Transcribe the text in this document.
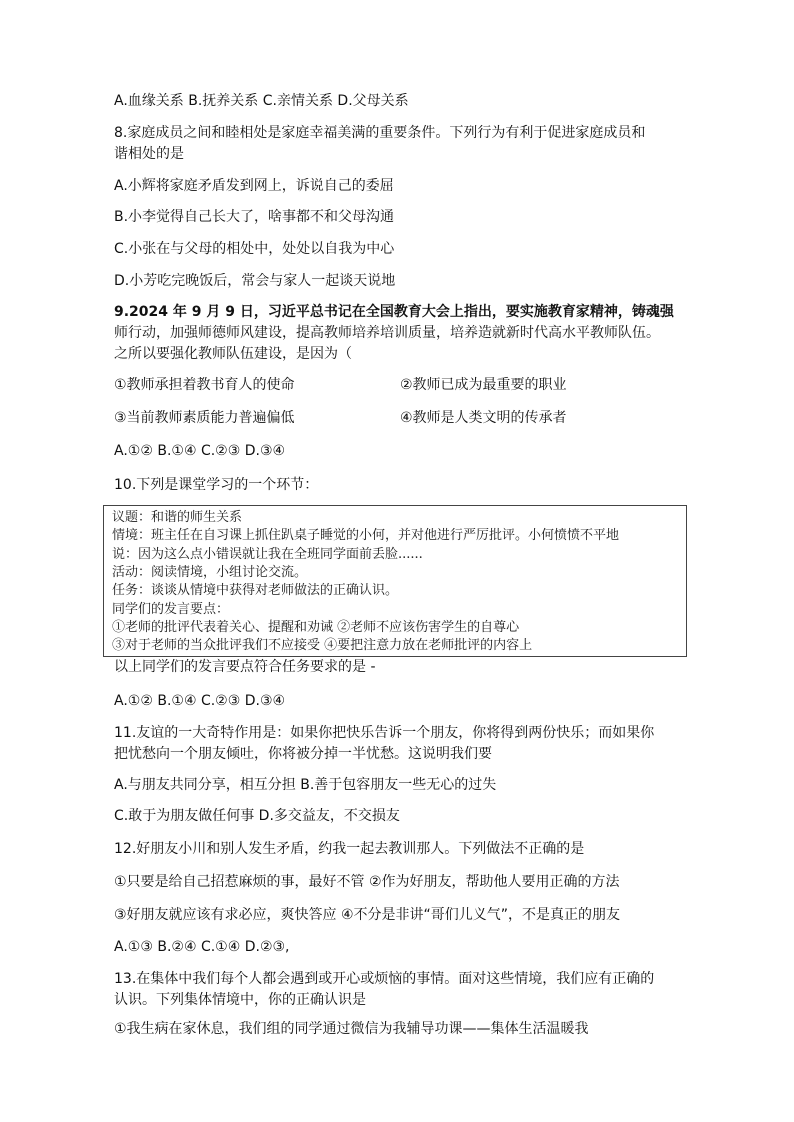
A.血缘关系 B.抚养关系 C.亲情关系 D.父母关系
8.家庭成员之间和睦相处是家庭幸福美满的重要条件。下列行为有利于促进家庭成员和
谐相处的是
A.小辉将家庭矛盾发到网上，诉说自己的委屈
B.小李觉得自己长大了，啥事都不和父母沟通
C.小张在与父母的相处中，处处以自我为中心
D.小芳吃完晚饭后，常会与家人一起谈天说地
9.2024 年 9 月 9 日，习近平总书记在全国教育大会上指出，要实施教育家精神，铸魂强
师行动，加强师德师风建设，提高教师培养培训质量，培养造就新时代高水平教师队伍。
之所以要强化教师队伍建设，是因为（
①教师承担着教书育人的使命	②教师已成为最重要的职业
③当前教师素质能力普遍偏低	④教师是人类文明的传承者
A.①② B.①④ C.②③ D.③④
10.下列是课堂学习的一个环节：
议题：和谐的师生关系
情境：班主任在自习课上抓住趴桌子睡觉的小何，并对他进行严厉批评。小何愤愤不平地
说：因为这么点小错误就让我在全班同学面前丢脸......
活动：阅读情境，小组讨论交流。
任务：谈谈从情境中获得对老师做法的正确认识。
同学们的发言要点：
①老师的批评代表着关心、提醒和劝诫 ②老师不应该伤害学生的自尊心
③对于老师的当众批评我们不应接受 ④要把注意力放在老师批评的内容上
以上同学们的发言要点符合任务要求的是 -
A.①② B.①④ C.②③ D.③④
11.友谊的一大奇特作用是：如果你把快乐告诉一个朋友，你将得到两份快乐；而如果你
把忧愁向一个朋友倾吐，你将被分掉一半忧愁。这说明我们要
A.与朋友共同分享，相互分担 B.善于包容朋友一些无心的过失
C.敢于为朋友做任何事 D.多交益友，不交损友
12.好朋友小川和别人发生矛盾，约我一起去教训那人。下列做法不正确的是
①只要是给自己招惹麻烦的事，最好不管 ②作为好朋友，帮助他人要用正确的方法
③好朋友就应该有求必应，爽快答应 ④不分是非讲“哥们儿义气”，不是真正的朋友
A.①③ B.②④ C.①④ D.②③,
13.在集体中我们每个人都会遇到或开心或烦恼的事情。面对这些情境，我们应有正确的
认识。下列集体情境中，你的正确认识是
①我生病在家休息，我们组的同学通过微信为我辅导功课——集体生活温暖我
